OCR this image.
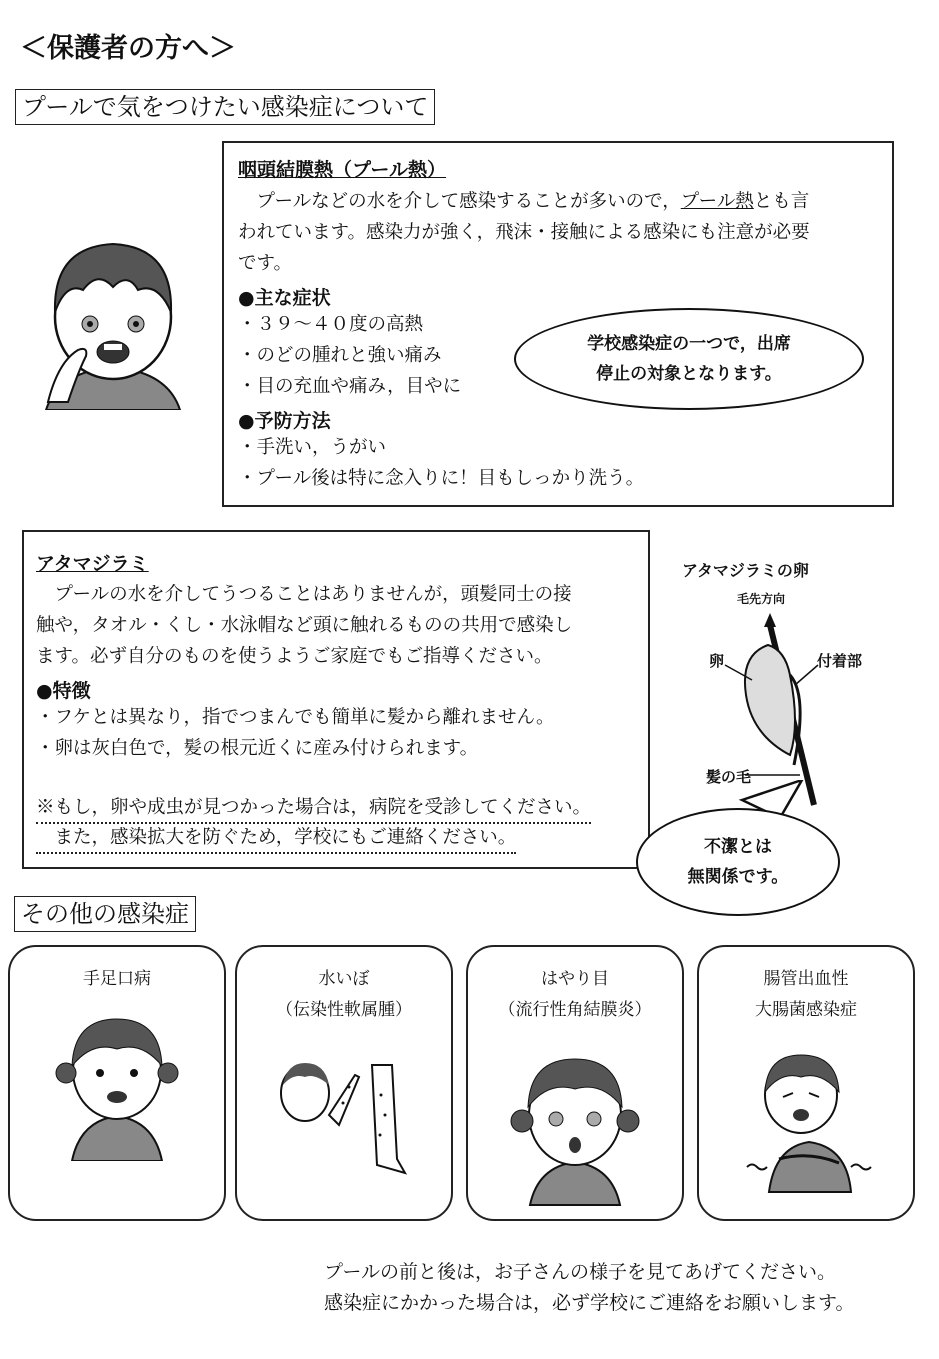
＜保護者の方へ＞
プールで気をつけたい感染症について
咽頭結膜熱（プール熱）
　プールなどの水を介して感染することが多いので，プール熱とも言
われています。感染力が強く，飛沫・接触による感染にも注意が必要
です。
●主な症状
・３９～４０度の高熱
・のどの腫れと強い痛み
・目の充血や痛み，目やに
●予防方法
・手洗い，うがい
・プール後は特に念入りに！目もしっかり洗う。
学校感染症の一つで，出席
停止の対象となります。
アタマジラミ
　プールの水を介してうつることはありませんが，頭髪同士の接
触や，タオル・くし・水泳帽など頭に触れるものの共用で感染し
ます。必ず自分のものを使うようご家庭でもご指導ください。
●特徴
・フケとは異なり，指でつまんでも簡単に髪から離れません。
・卵は灰白色で，髪の根元近くに産み付けられます。
※もし，卵や成虫が見つかった場合は，病院を受診してください。
　また，感染拡大を防ぐため，学校にもご連絡ください。
アタマジラミの卵
毛先方向
卵	付着部
髪の毛
不潔とは
無関係です。
その他の感染症
手足口病	水いぼ
（伝染性軟属腫）
はやり目
（流行性角結膜炎）
腸管出血性
大腸菌感染症
プールの前と後は，お子さんの様子を見てあげてください。
感染症にかかった場合は，必ず学校にご連絡をお願いします。
